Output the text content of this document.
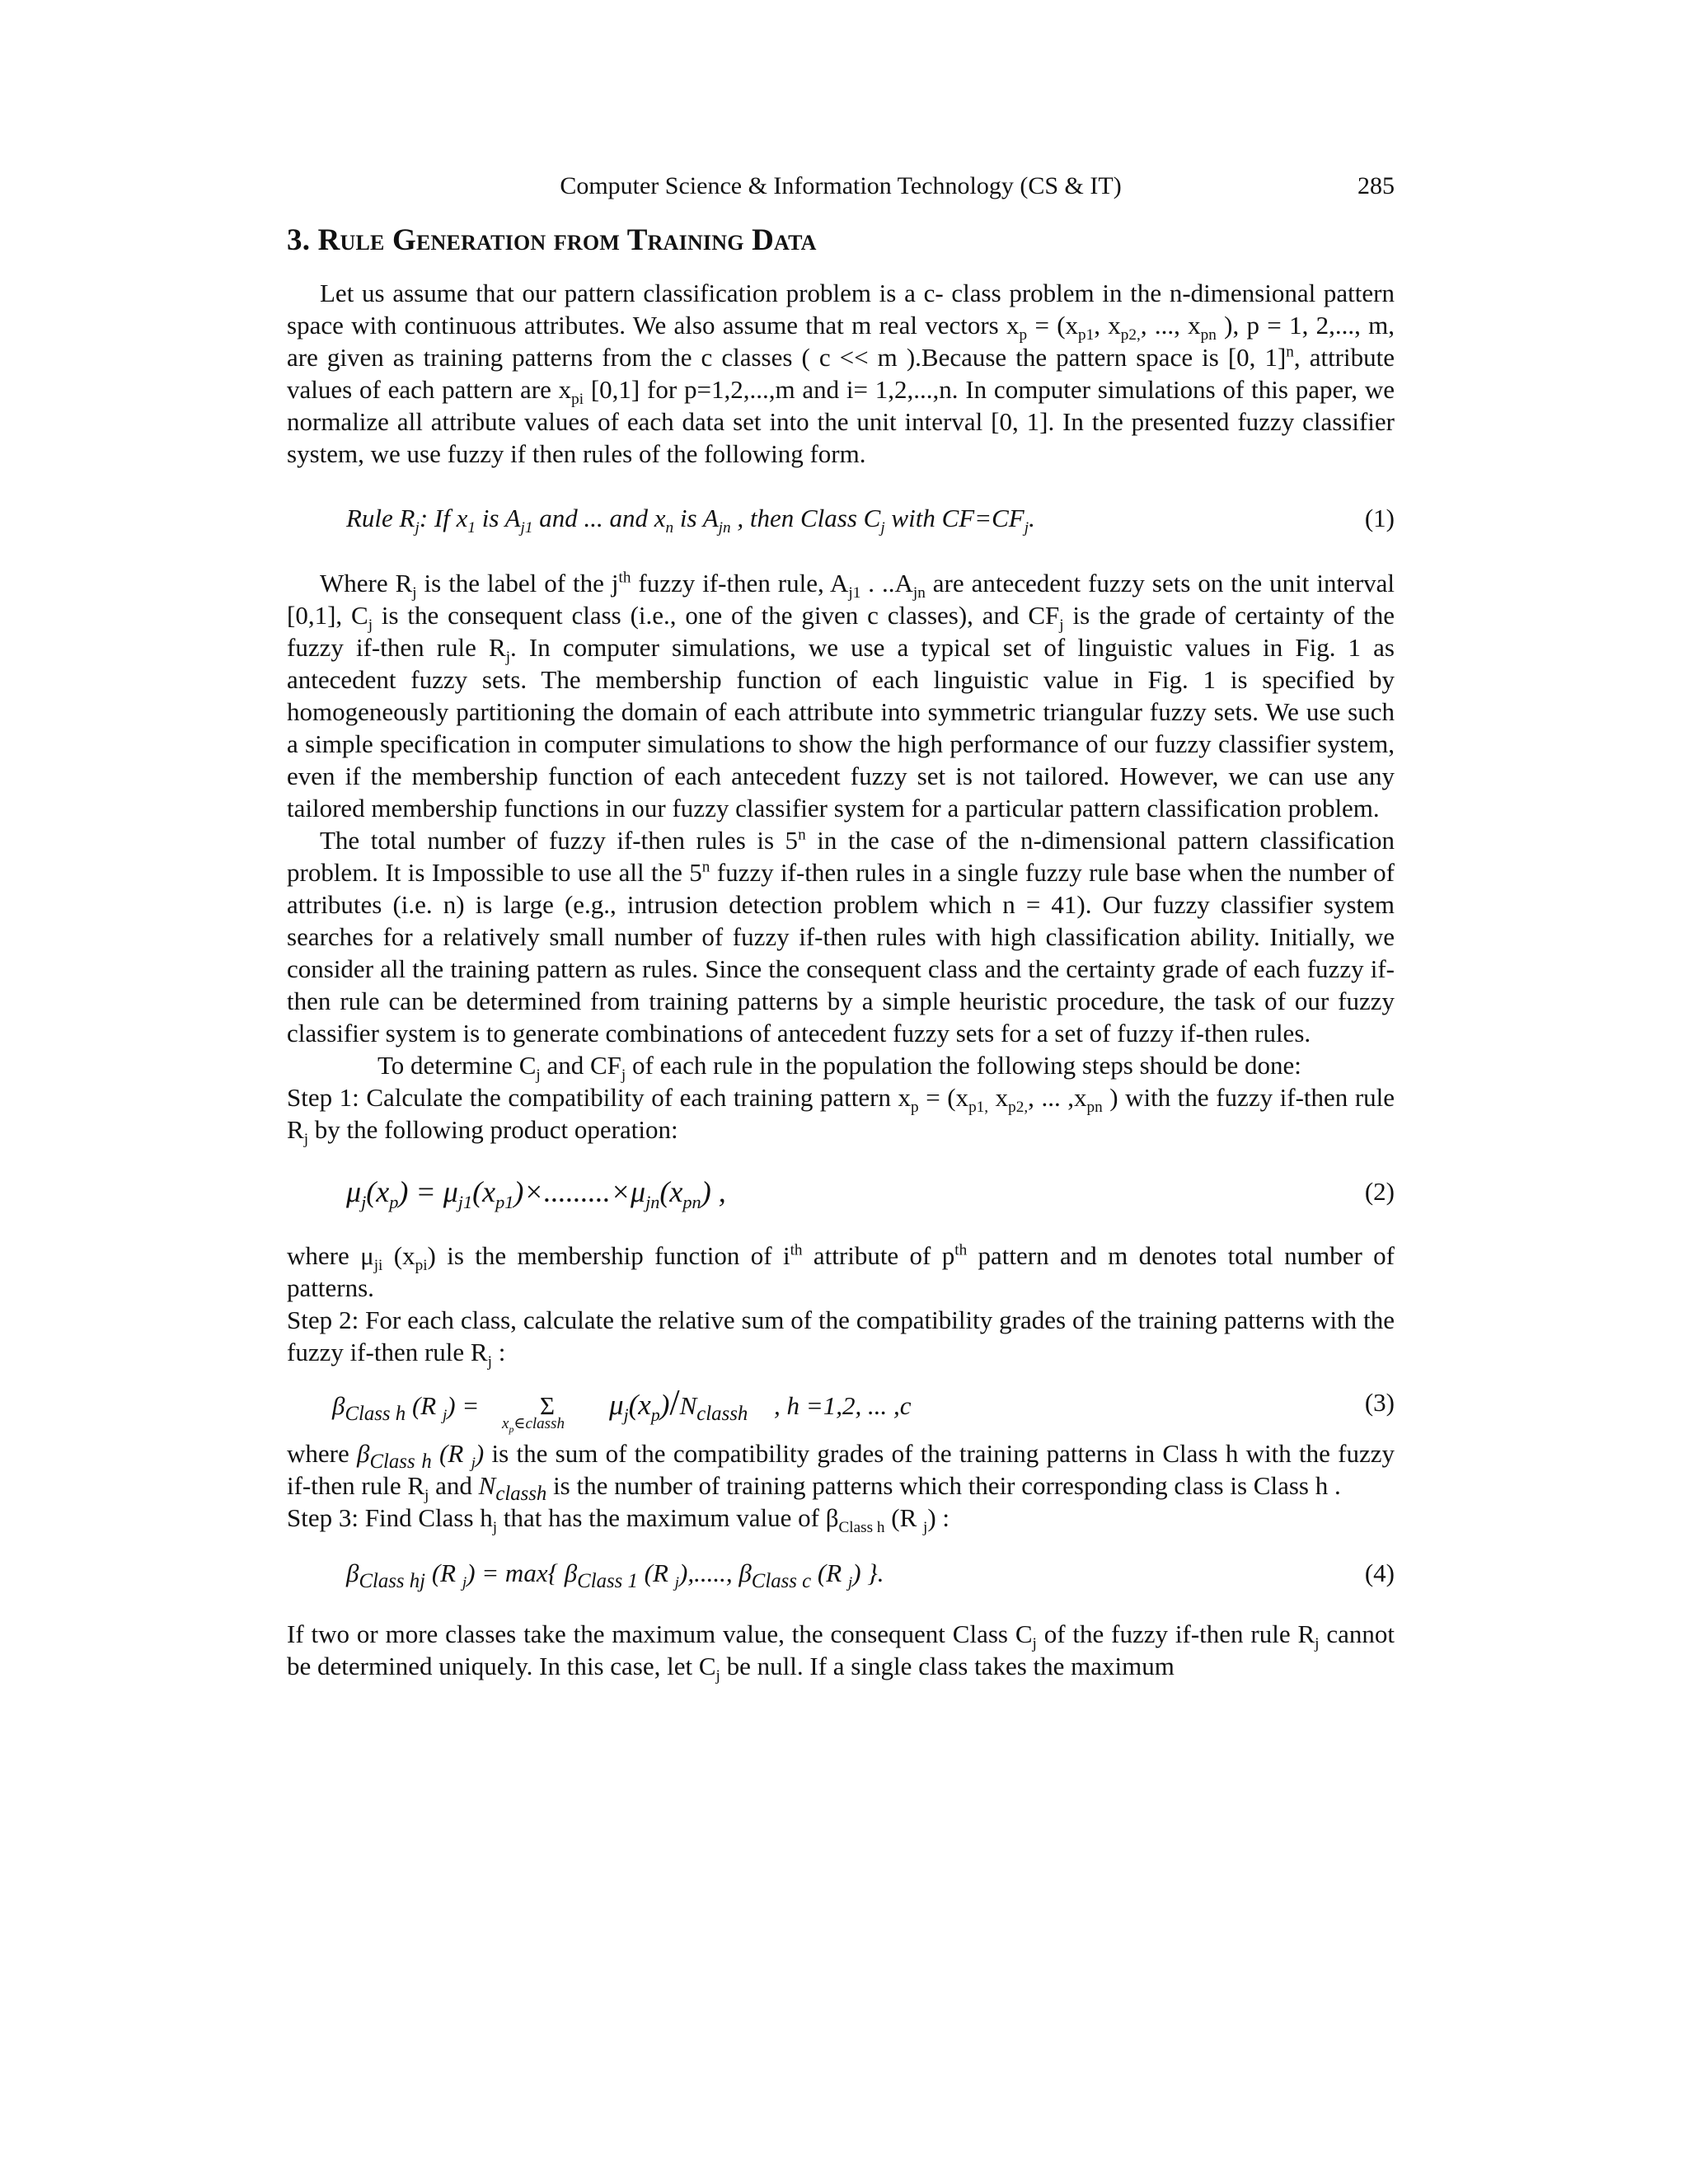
Computer Science & Information Technology (CS & IT)	285
3. Rule Generation from Training Data

Let us assume that our pattern classification problem is a c- class problem in the n-dimensional pattern space with continuous attributes. We also assume that m real vectors $x_p = (x_{p1}$, $x_{p2,}$, ..., $x_{pn}$ ), p = 1, 2,..., m, are given as training patterns from the c classes ( c << m ).Because the pattern space is [0, 1]$^n$, attribute values of each pattern are $x_{pi}$ [0,1] for p=1,2,...,m and i= 1,2,...,n. In computer simulations of this paper, we normalize all attribute values of each data set into the unit interval [0, 1]. In the presented fuzzy classifier system, we use fuzzy if then rules of the following form.

Rule $R_j$: If $x_1$ is $A_{j1}$ and ... and $x_n$ is $A_{jn}$ , then Class $C_j$ with $CF=CF_j$.	(1)

Where $R_j$ is the label of the $j^{th}$ fuzzy if-then rule, $A_{j1}$ . $..A_{jn}$ are antecedent fuzzy sets on the unit interval [0,1], $C_j$ is the consequent class (i.e., one of the given c classes), and $CF_j$ is the grade of certainty of the fuzzy if-then rule $R_j$. In computer simulations, we use a typical set of linguistic values in Fig. 1 as antecedent fuzzy sets. The membership function of each linguistic value in Fig. 1 is specified by homogeneously partitioning the domain of each attribute into symmetric triangular fuzzy sets. We use such a simple specification in computer simulations to show the high performance of our fuzzy classifier system, even if the membership function of each antecedent fuzzy set is not tailored. However, we can use any tailored membership functions in our fuzzy classifier system for a particular pattern classification problem.

The total number of fuzzy if-then rules is 5$^n$ in the case of the n-dimensional pattern classification problem. It is Impossible to use all the 5$^n$ fuzzy if-then rules in a single fuzzy rule base when the number of attributes (i.e. n) is large (e.g., intrusion detection problem which n = 41). Our fuzzy classifier system searches for a relatively small number of fuzzy if-then rules with high classification ability. Initially, we consider all the training pattern as rules. Since the consequent class and the certainty grade of each fuzzy if-then rule can be determined from training patterns by a simple heuristic procedure, the task of our fuzzy classifier system is to generate combinations of antecedent fuzzy sets for a set of fuzzy if-then rules.

To determine $C_j$ and $CF_j$ of each rule in the population the following steps should be done:

Step 1: Calculate the compatibility of each training pattern $x_p = (x_{p1,}$ $x_{p2,}$, ... $,x_{pn}$ ) with the fuzzy if-then rule $R_j$ by the following product operation:

$\mu_j(x_p) = \mu_{j1}(x_{p1})\times.........\times\mu_{jn}(x_{pn})$ ,	(2)

where $\mu_{ji}$ $(x_{pi})$ is the membership function of $i^{th}$ attribute of $p^{th}$ pattern and m denotes total number of patterns.

Step 2: For each class, calculate the relative sum of the compatibility grades of the training patterns with the fuzzy if-then rule $R_j$ :

$\beta_{Class h}$ (R $_j$) = Σ
$x_p\in classh$
$\mu_j(x_p)/N_{classh}$ , h =1,2, ... ,c	(3)

where $\beta_{Class h}$ (R $_j$) is the sum of the compatibility grades of the training patterns in Class h with the fuzzy if-then rule $R_j$ and $N_{classh}$ is the number of training patterns which their corresponding class is Class h .

Step 3: Find Class $h_j$ that has the maximum value of $\beta_{Class h}$ (R $_j$) :

$\beta_{Class hj}$ (R $_j$) = max{ $\beta_{Class 1}$ (R $_j$),....., $\beta_{Class c}$ (R $_j$) }.	(4)

If two or more classes take the maximum value, the consequent Class $C_j$ of the fuzzy if-then rule $R_j$ cannot be determined uniquely. In this case, let $C_j$ be null. If a single class takes the maximum
